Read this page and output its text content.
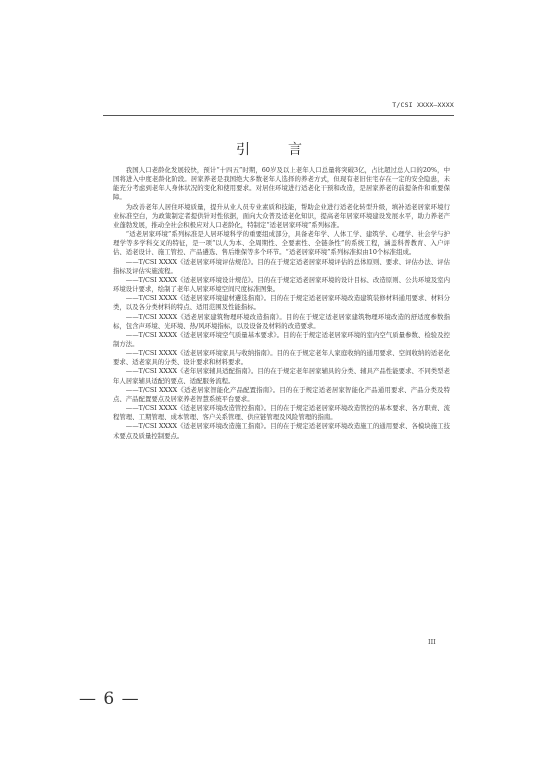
T/CSI XXXX—XXXX
引　言

我国人口老龄化发展较快，预计“十四五”时期，60岁及以上老年人口总量将突破3亿，占比超过总人口的20%，中国将进入中度老龄化阶段。居家养老是我国绝大多数老年人选择的养老方式，但现有老旧住宅存在一定的安全隐患，未能充分考虑到老年人身体状况的变化和使用要求。对居住环境进行适老化干预和改造，是居家养老的前提条件和重要保障。

为改善老年人居住环境质量，提升从业人员专业素质和技能，帮助企业进行适老化转型升级，填补适老居家环境行业标准空白，为政策制定者提供针对性依据，面向大众普及适老化知识，提高老年居家环境建设发展水平，助力养老产业蓬勃发展，推动全社会积极应对人口老龄化，特制定“适老居家环境”系列标准。

“适老居家环境”系列标准是人居环境科学的重要组成部分，具备老年学、人体工学、建筑学、心理学、社会学与护理学等多学科交叉的特征，是一项“以人为本、全周期性、全要素性、全链条性”的系统工程，涵盖科普教育、入户评估、适老设计、施工管控、产品遴选、售后维保等多个环节。“适老居家环境”系列标准拟由10个标准组成。

——T/CSI XXXX《适老居家环境评估规范》。目的在于规定适老居家环境评估的总体原则、要求、评估办法、评估指标及评估实施流程。

——T/CSI XXXX《适老居家环境设计规范》。目的在于规定适老居家环境的设计目标、改造原则、公共环境及室内环境设计要求，绘制了老年人居家环境空间尺度标准图集。

——T/CSI XXXX《适老居家环境建材遴选指南》。目的在于规定适老居家环境改造建筑装修材料通用要求、材料分类，以及各分类材料的特点、适用范围及性能指标。

——T/CSI XXXX《适老居家建筑物理环境改造指南》。目的在于规定适老居家建筑物理环境改造的舒适度参数指标，包含声环境、光环境、热/风环境指标，以及设备及材料的改造要求。

——T/CSI XXXX《适老居家环境空气质量基本要求》。目的在于规定适老居家环境的室内空气质量参数、检验及控制方法。

——T/CSI XXXX《适老居家环境家具与收纳指南》。目的在于规定老年人家庭收纳的通用要求、空间收纳的适老化要求、适老家具的分类、设计要求和材料要求。

——T/CSI XXXX《老年居家辅具适配指南》。目的在于规定老年居家辅具的分类、辅具产品性能要求、不同类型老年人居家辅具适配的要点、适配服务流程。

——T/CSI XXXX《适老居家智能化产品配置指南》。目的在于规定适老居家智能化产品通用要求、产品分类及特点、产品配置要点及居家养老智慧系统平台要求。

——T/CSI XXXX《适老居家环境改造管控指南》。目的在于规定适老居家环境改造管控的基本要求、各方职责、流程管理、工期管理、成本管理、客户关系管理、供应链管理及风险管理的指南。

——T/CSI XXXX《适老居家环境改造施工指南》。目的在于规定适老居家环境改造施工的通用要求、各模块施工技术要点及质量控制要点。

III
— 6 —
